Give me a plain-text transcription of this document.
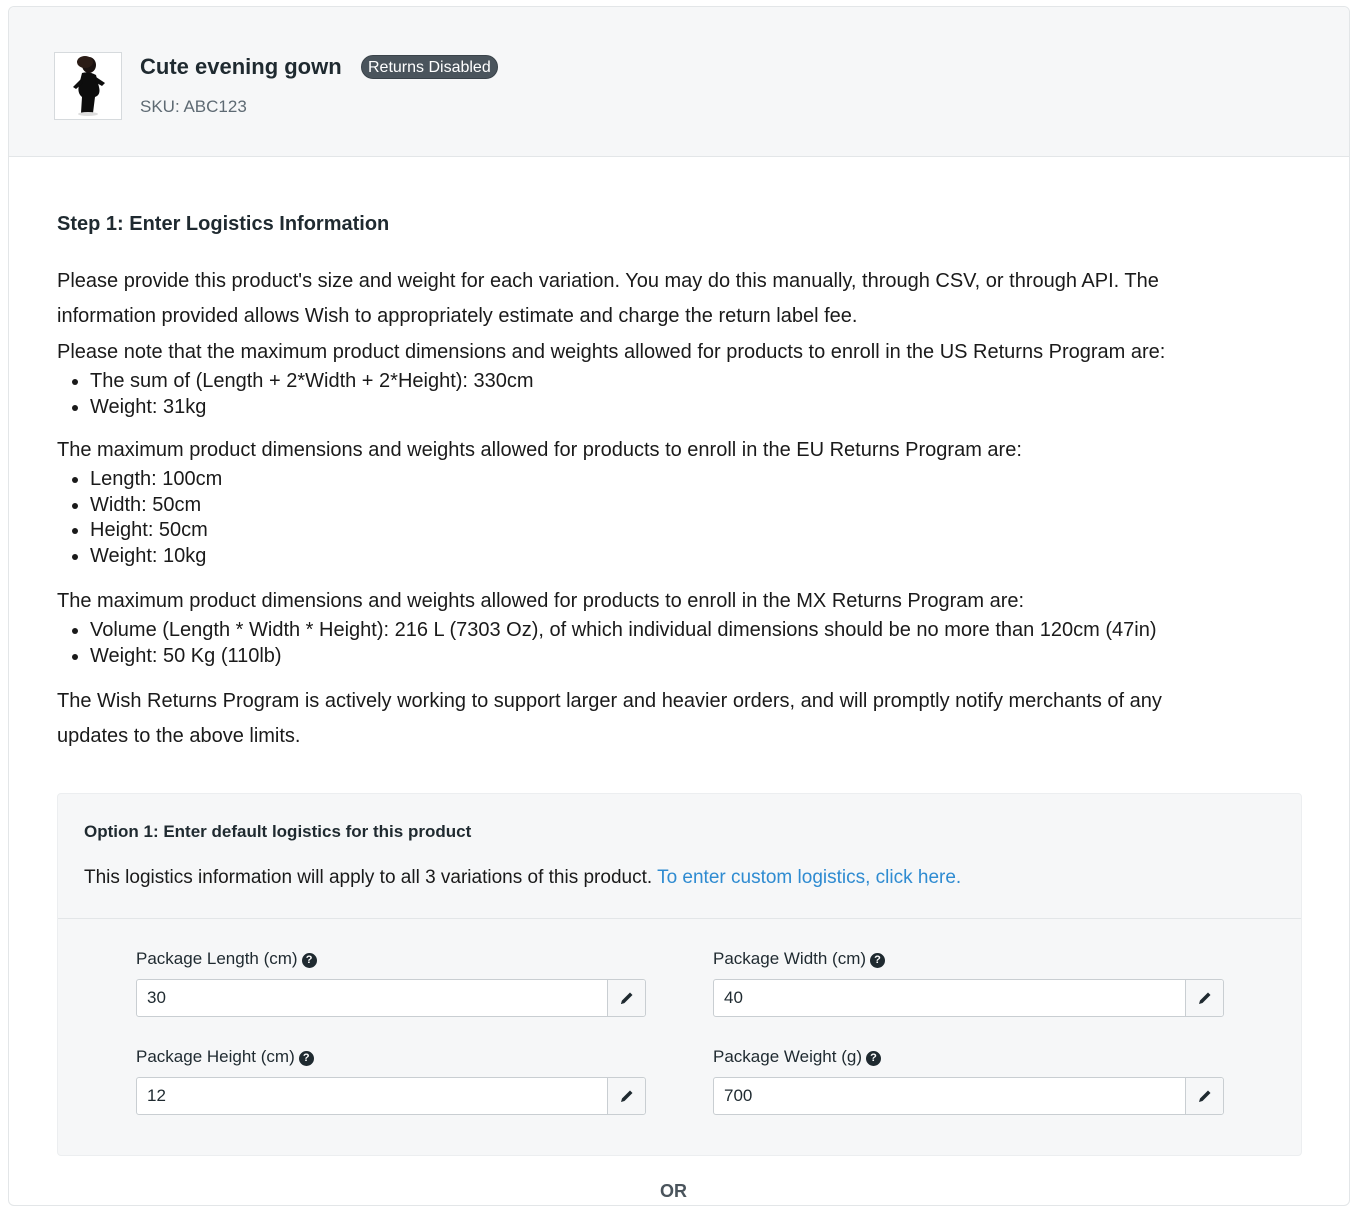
Cute evening gown	Returns Disabled
SKU: ABC123
Step 1: Enter Logistics Information
Please provide this product's size and weight for each variation. You may do this manually, through CSV, or through API. The
information provided allows Wish to appropriately estimate and charge the return label fee.
Please note that the maximum product dimensions and weights allowed for products to enroll in the US Returns Program are:
• The sum of (Length + 2*Width + 2*Height): 330cm
• Weight: 31kg
The maximum product dimensions and weights allowed for products to enroll in the EU Returns Program are:
• Length: 100cm
• Width: 50cm
• Height: 50cm
• Weight: 10kg
The maximum product dimensions and weights allowed for products to enroll in the MX Returns Program are:
• Volume (Length * Width * Height): 216 L (7303 Oz), of which individual dimensions should be no more than 120cm (47in)
• Weight: 50 Kg (110lb)
The Wish Returns Program is actively working to support larger and heavier orders, and will promptly notify merchants of any
updates to the above limits.
Option 1: Enter default logistics for this product
This logistics information will apply to all 3 variations of this product. To enter custom logistics, click here.
Package Length (cm) ?
30	Package Width (cm) ?
40
Package Height (cm) ?
12	Package Weight (g) ?
700
OR
